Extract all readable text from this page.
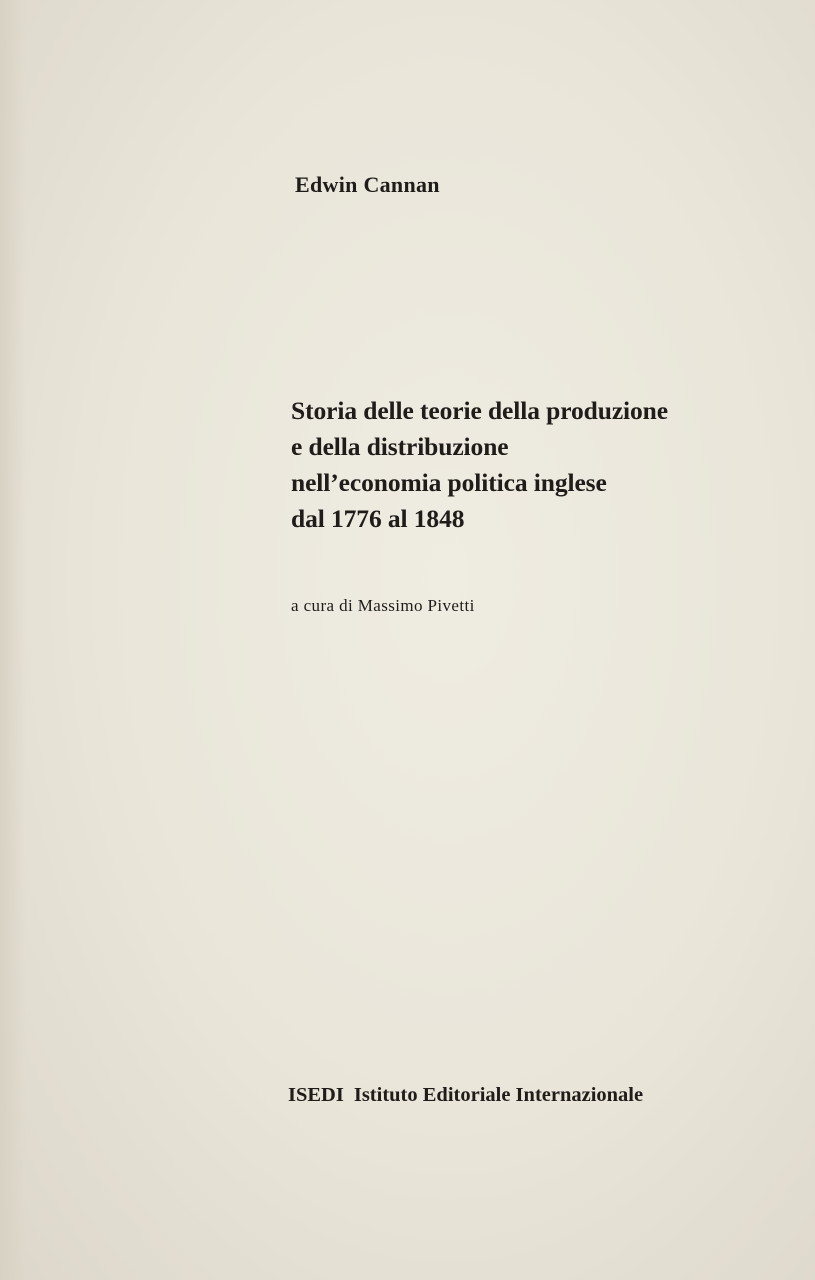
Edwin Cannan
Storia delle teorie della produzione
e della distribuzione
nell’economia politica inglese
dal 1776 al 1848
a cura di Massimo Pivetti
ISEDI Istituto Editoriale Internazionale
